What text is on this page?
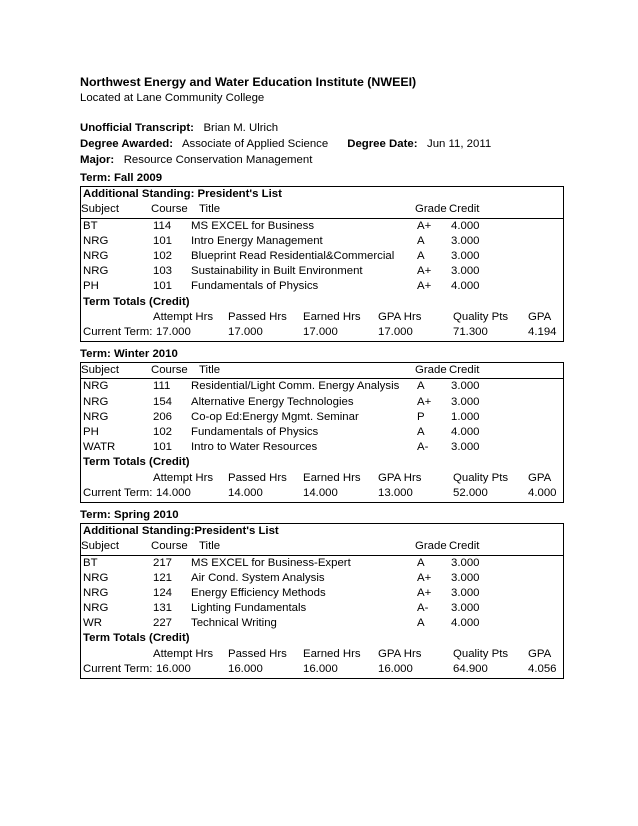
Northwest Energy and Water Education Institute (NWEEI)
Located at Lane Community College
Unofficial Transcript: Brian M. Ulrich
Degree Awarded: Associate of Applied Science Degree Date: Jun 11, 2011
Major: Resource Conservation Management
Term: Fall 2009
Additional Standing: President's List
Subject	Course Title	Grade Credit
BT	114 MS EXCEL for Business	A+ 4.000
NRG	101 Intro Energy Management	A 3.000
NRG	102 Blueprint Read Residential&Commercial A 3.000
NRG	103 Sustainability in Built Environment	A+ 3.000
PH	101 Fundamentals of Physics	A+ 4.000
Term Totals (Credit)
Attempt Hrs Passed Hrs Earned Hrs GPA Hrs	Quality Pts GPA
Current Term: 17.000	17.000	17.000	17.000	71.300	4.194
Term: Winter 2010
Subject	Course Title	Grade Credit
NRG	111 Residential/Light Comm. Energy Analysis A 3.000
NRG	154 Alternative Energy Technologies	A+ 3.000
NRG	206 Co-op Ed:Energy Mgmt. Seminar	P 1.000
PH	102 Fundamentals of Physics	A 4.000
WATR	101 Intro to Water Resources	A- 3.000
Term Totals (Credit)
Attempt Hrs Passed Hrs Earned Hrs GPA Hrs	Quality Pts GPA
Current Term: 14.000	14.000	14.000	13.000	52.000	4.000
Term: Spring 2010
Additional Standing:President's List
Subject	Course Title	Grade Credit
BT	217 MS EXCEL for Business-Expert	A 3.000
NRG	121 Air Cond. System Analysis	A+ 3.000
NRG	124 Energy Efficiency Methods	A+ 3.000
NRG	131 Lighting Fundamentals	A- 3.000
WR	227 Technical Writing	A 4.000
Term Totals (Credit)
Attempt Hrs Passed Hrs Earned Hrs GPA Hrs	Quality Pts GPA
Current Term: 16.000	16.000	16.000	16.000	64.900	4.056
